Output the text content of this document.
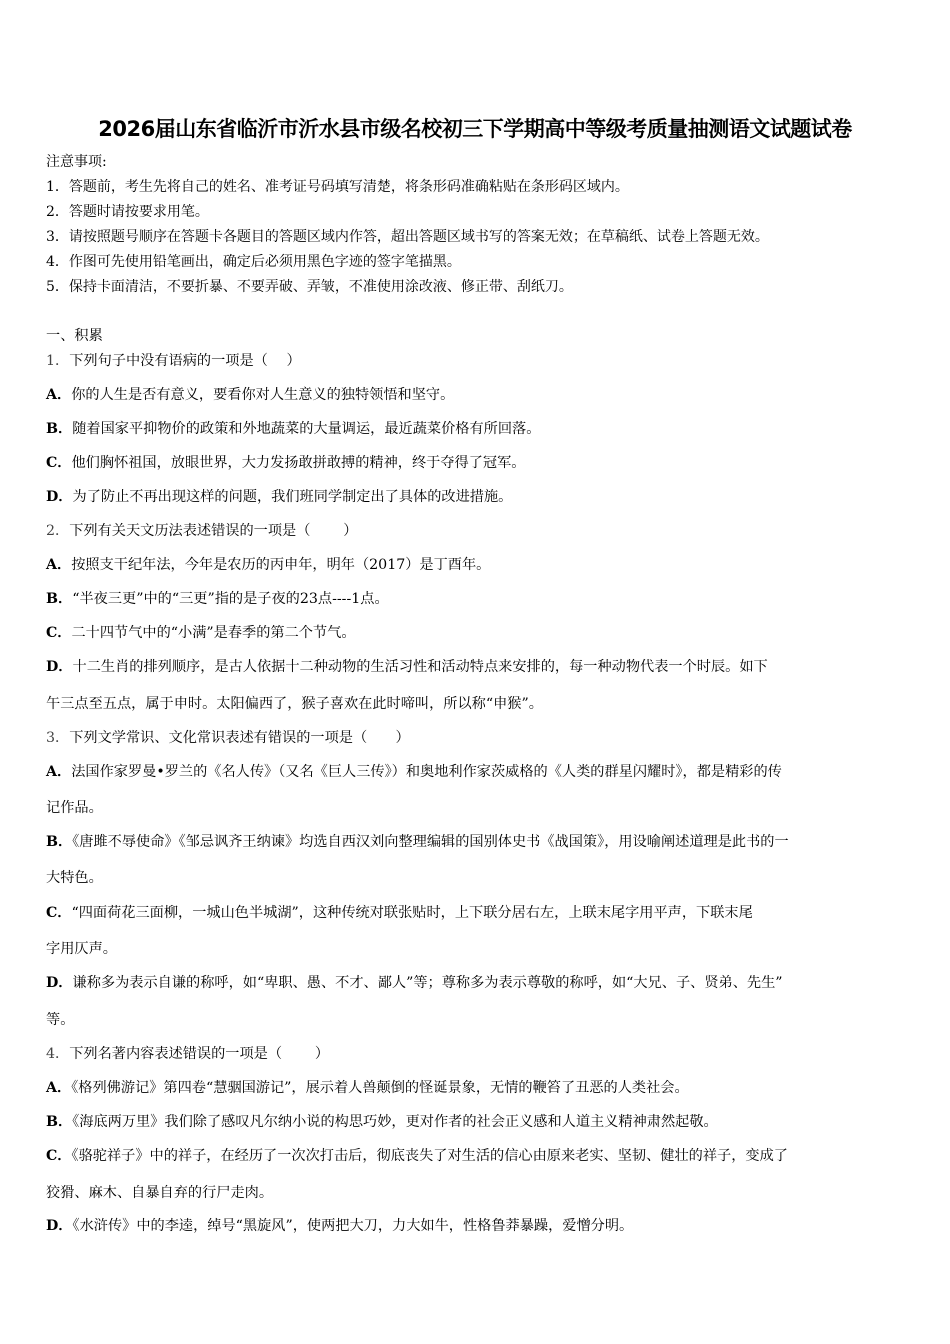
2026届山东省临沂市沂水县市级名校初三下学期高中等级考质量抽测语文试题试卷
注意事项:
1．答题前，考生先将自己的姓名、准考证号码填写清楚，将条形码准确粘贴在条形码区域内。
2．答题时请按要求用笔。
3．请按照题号顺序在答题卡各题目的答题区域内作答，超出答题区域书写的答案无效；在草稿纸、试卷上答题无效。
4．作图可先使用铅笔画出，确定后必须用黑色字迹的签字笔描黑。
5．保持卡面清洁，不要折暴、不要弄破、弄皱，不准使用涂改液、修正带、刮纸刀。
一、积累
1．下列句子中没有语病的一项是（　 ）
A．你的人生是否有意义，要看你对人生意义的独特领悟和坚守。
B．随着国家平抑物价的政策和外地蔬菜的大量调运，最近蔬菜价格有所回落。
C．他们胸怀祖国，放眼世界，大力发扬敢拼敢搏的精神，终于夺得了冠军。
D．为了防止不再出现这样的问题，我们班同学制定出了具体的改进措施。
2．下列有关天文历法表述错误的一项是（　　 ）
A．按照支干纪年法，今年是农历的丙申年，明年（2017）是丁酉年。
B．“半夜三更”中的“三更”指的是子夜的23点----1点。
C．二十四节气中的“小满”是春季的第二个节气。
D．十二生肖的排列顺序，是古人依据十二种动物的生活习性和活动特点来安排的，每一种动物代表一个时辰。如下
午三点至五点，属于申时。太阳偏西了，猴子喜欢在此时啼叫，所以称“申猴”。
3．下列文学常识、文化常识表述有错误的一项是（　　）
A．法国作家罗曼•罗兰的《名人传》（又名《巨人三传》）和奥地利作家茨威格的《人类的群星闪耀时》，都是精彩的传
记作品。
B．《唐雎不辱使命》《邹忌讽齐王纳谏》均选自西汉刘向整理编辑的国别体史书《战国策》，用设喻阐述道理是此书的一
大特色。
C．“四面荷花三面柳，一城山色半城湖”，这种传统对联张贴时，上下联分居右左，上联末尾字用平声，下联末尾
字用仄声。
D．谦称多为表示自谦的称呼，如“卑职、愚、不才、鄙人”等；尊称多为表示尊敬的称呼，如“大兄、子、贤弟、先生”
等。
4．下列名著内容表述错误的一项是（　　 ）
A．《格列佛游记》第四卷“慧骃国游记”，展示着人兽颠倒的怪诞景象，无情的鞭笞了丑恶的人类社会。
B．《海底两万里》我们除了感叹凡尔纳小说的构思巧妙，更对作者的社会正义感和人道主义精神肃然起敬。
C．《骆驼祥子》中的祥子，在经历了一次次打击后，彻底丧失了对生活的信心由原来老实、坚韧、健壮的祥子，变成了
狡猾、麻木、自暴自弃的行尸走肉。
D．《水浒传》中的李逵，绰号“黑旋风”，使两把大刀，力大如牛，性格鲁莽暴躁，爱憎分明。
